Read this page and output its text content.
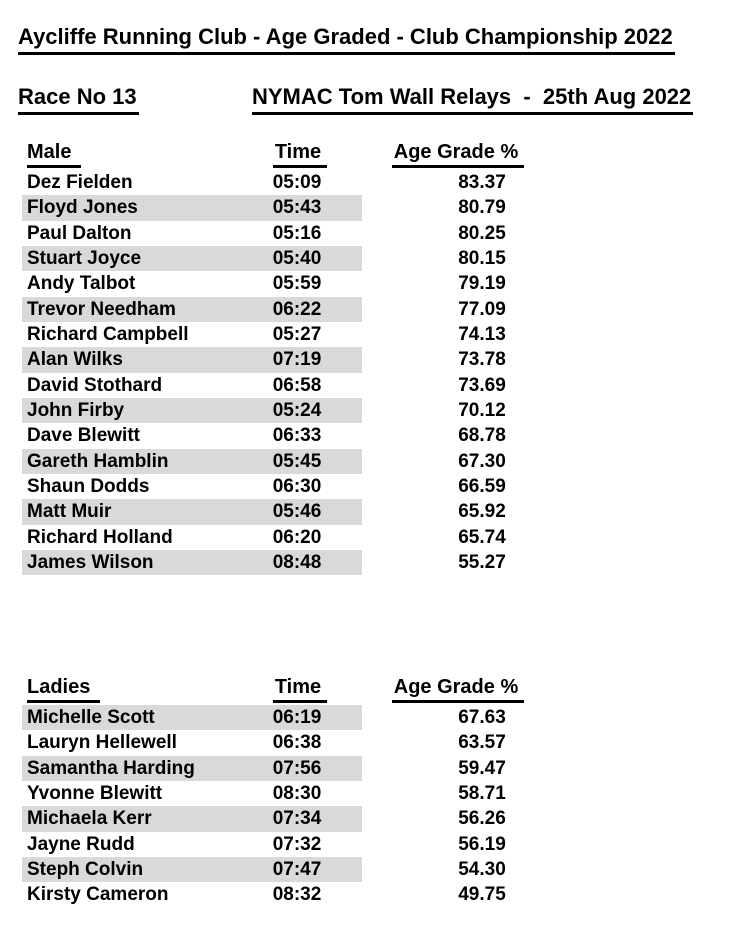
Aycliffe Running Club - Age Graded - Club Championship 2022
Race No 13	NYMAC Tom Wall Relays  -  25th Aug 2022
Male	Time	Age Grade %
Dez Fielden	05:09	83.37
Floyd Jones	05:43	80.79
Paul Dalton	05:16	80.25
Stuart Joyce	05:40	80.15
Andy Talbot	05:59	79.19
Trevor Needham	06:22	77.09
Richard Campbell	05:27	74.13
Alan Wilks	07:19	73.78
David Stothard	06:58	73.69
John Firby	05:24	70.12
Dave Blewitt	06:33	68.78
Gareth Hamblin	05:45	67.30
Shaun Dodds	06:30	66.59
Matt Muir	05:46	65.92
Richard Holland	06:20	65.74
James Wilson	08:48	55.27
Ladies	Time	Age Grade %
Michelle Scott	06:19	67.63
Lauryn Hellewell	06:38	63.57
Samantha Harding	07:56	59.47
Yvonne Blewitt	08:30	58.71
Michaela Kerr	07:34	56.26
Jayne Rudd	07:32	56.19
Steph Colvin	07:47	54.30
Kirsty Cameron	08:32	49.75
